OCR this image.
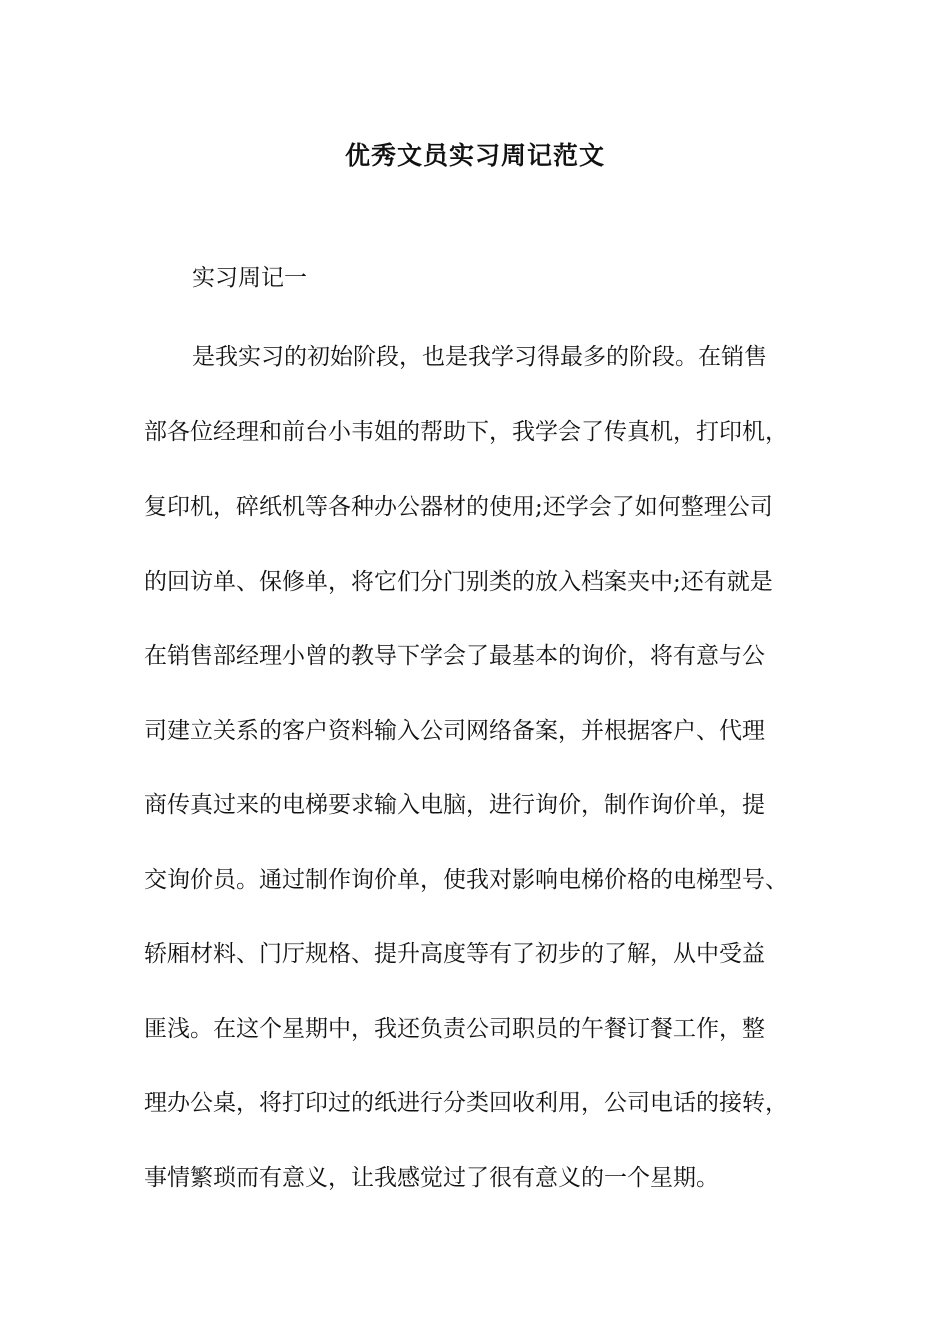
优秀文员实习周记范文
实习周记一
是我实习的初始阶段，也是我学习得最多的阶段。在销售
部各位经理和前台小韦姐的帮助下，我学会了传真机，打印机，
复印机，碎纸机等各种办公器材的使用;还学会了如何整理公司
的回访单、保修单，将它们分门别类的放入档案夹中;还有就是
在销售部经理小曾的教导下学会了最基本的询价，将有意与公
司建立关系的客户资料输入公司网络备案，并根据客户、代理
商传真过来的电梯要求输入电脑，进行询价，制作询价单，提
交询价员。通过制作询价单，使我对影响电梯价格的电梯型号、
轿厢材料、门厅规格、提升高度等有了初步的了解，从中受益
匪浅。在这个星期中，我还负责公司职员的午餐订餐工作，整
理办公桌，将打印过的纸进行分类回收利用，公司电话的接转，
事情繁琐而有意义，让我感觉过了很有意义的一个星期。
